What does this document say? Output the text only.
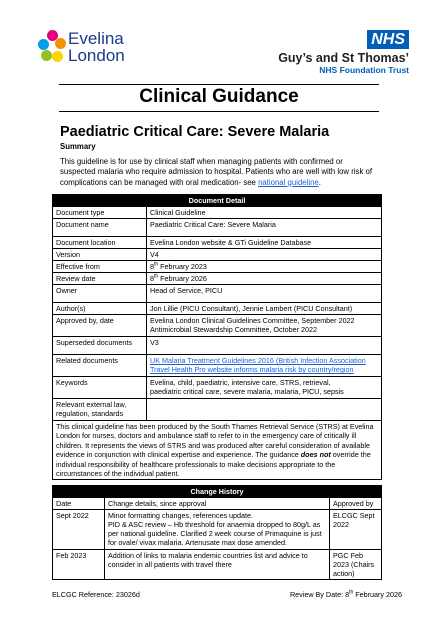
Evelina
London
NHS
Guy’s and St Thomas’
NHS Foundation Trust
Clinical Guidance
Paediatric Critical Care: Severe Malaria
Summary
This guideline is for use by clinical staff when managing patients with confirmed or suspected malaria who require admission to hospital. Patients who are well with low risk of complications can be managed with oral medication- see national guideline.
Document Detail	
Document type	Clinical Guideline
Document name	Paediatric Critical Care: Severe Malaria
Document location	Evelina London website & GTi Guideline Database
Version	V4
Effective from	8th February 2023
Review date	8th February 2026
Owner	Head of Service, PICU
Author(s)	Jon Lillie (PICU Consultant), Jennie Lambert (PICU Consultant)
Approved by, date	Evelina London Clinical Guidelines Committee, September 2022
Antimicrobial Stewardship Committee, October 2022

Superseded documents	V3
Related documents	UK Malaria Treatment Guidelines 2016 (British Infection Association
Travel Health Pro website informs malaria risk by country/region

Keywords	Evelina, child, paediatric, intensive care, STRS, retrieval,
paediatric critical care, severe malaria, malaria, PICU, sepsis

Relevant external law,
regulation, standards	

This clinical guideline has been produced by the South Thames Retrieval Service (STRS) at Evelina London for nurses, doctors and ambulance staff to refer to in the emergency care of critically ill children. It represents the views of STRS and was produced after careful consideration of available evidence in conjunction with clinical expertise and experience. The guidance does not override the individual responsibility of healthcare professionals to make decisions appropriate to the circumstances of the individual patient.	
Change History		
Date	Change details, since approval	Approved by
Sept 2022	Minor formatting changes, references update.
PID & ASC review – Hb threshold for anaemia dropped to 80g/L as per national guideline. Clarified 2 week course of Primaquine is just for ovale/ vivax malaria. Artenusate max dose amended.	ELCGC Sept 2022
Feb 2023	Addition of links to malaria endemic countries list and advice to consider in all patients with travel there	PGC Feb 2023 (Chairs action)
ELCGC Reference: 23026d	Review By Date: 8th February 2026
